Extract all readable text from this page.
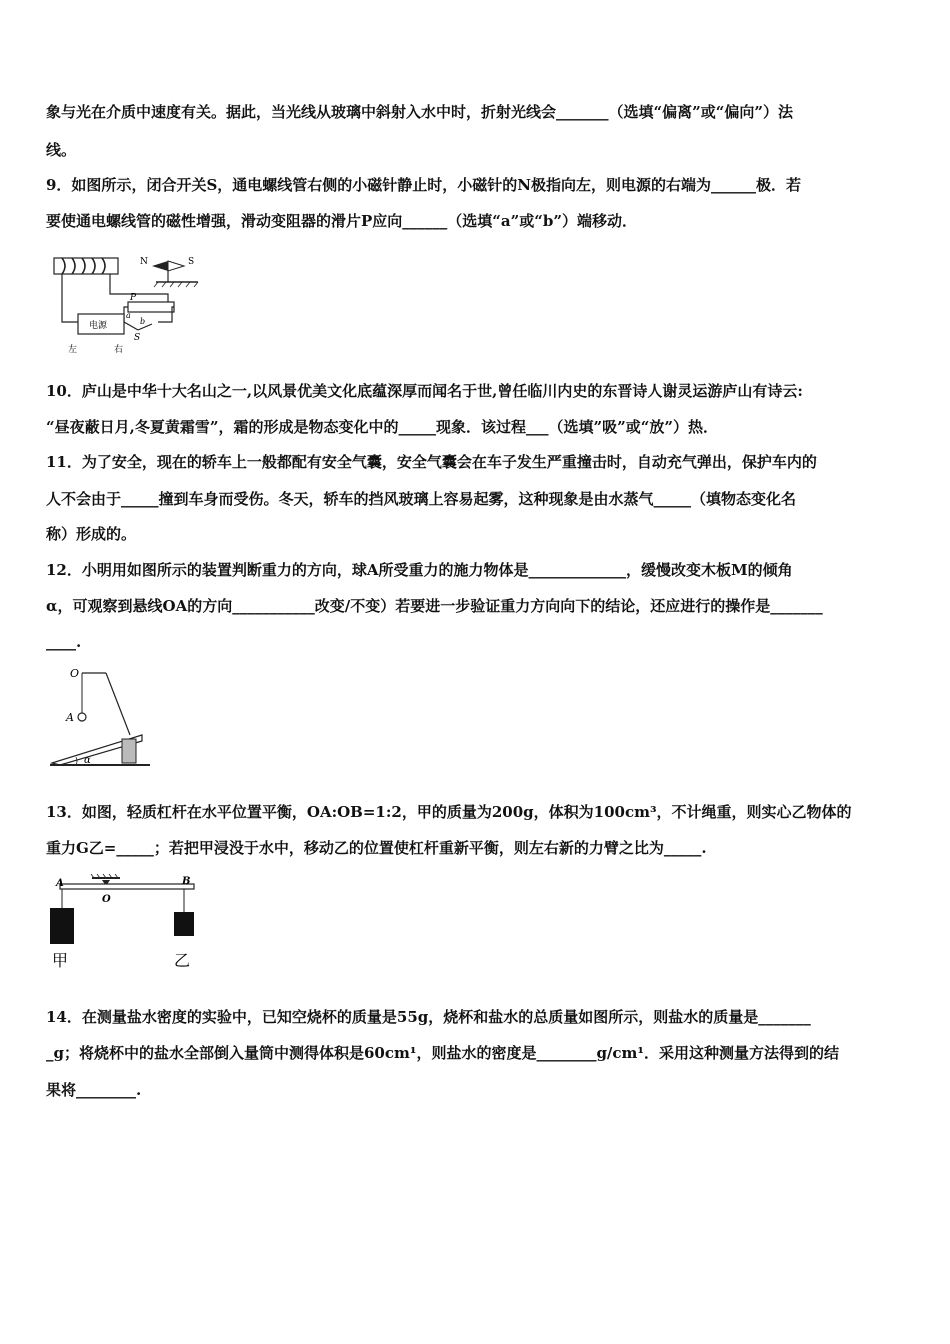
象与光在介质中速度有关。据此，当光线从玻璃中斜射入水中时，折射光线会_______（选填“偏离”或“偏向”）法
线。
9．如图所示，闭合开关S，通电螺线管右侧的小磁针静止时，小磁针的N极指向左，则电源的右端为______极．若
要使通电螺线管的磁性增强，滑动变阻器的滑片P应向______（选填“a”或“b”）端移动．
N	S
P
a
b
S
电源
左	右
10．庐山是中华十大名山之一,以风景优美文化底蕴深厚而闻名于世,曾任临川内史的东晋诗人谢灵运游庐山有诗云:
“昼夜蔽日月,冬夏黄霜雪”，霜的形成是物态变化中的_____现象．该过程___（选填”吸”或“放”）热．
11．为了安全，现在的轿车上一般都配有安全气囊，安全气囊会在车子发生严重撞击时，自动充气弹出，保护车内的
人不会由于_____撞到车身而受伤。冬天，轿车的挡风玻璃上容易起雾，这种现象是由水蒸气_____（填物态变化名
称）形成的。
12．小明用如图所示的装置判断重力的方向，球A所受重力的施力物体是_____________，缓慢改变木板M的倾角
α，可观察到悬线OA的方向___________改变/不变）若要进一步验证重力方向向下的结论，还应进行的操作是_______
____.
O
A
α
13．如图，轻质杠杆在水平位置平衡，OA:OB=1:2，甲的质量为200g，体积为100cm³，不计绳重，则实心乙物体的
重力G乙=_____；若把甲浸没于水中，移动乙的位置使杠杆重新平衡，则左右新的力臂之比为_____.
A	B
O
甲	乙
14．在测量盐水密度的实验中，已知空烧杯的质量是55g，烧杯和盐水的总质量如图所示，则盐水的质量是_______
_g；将烧杯中的盐水全部倒入量筒中测得体积是60cm¹，则盐水的密度是________g/cm¹．采用这种测量方法得到的结
果将________.
